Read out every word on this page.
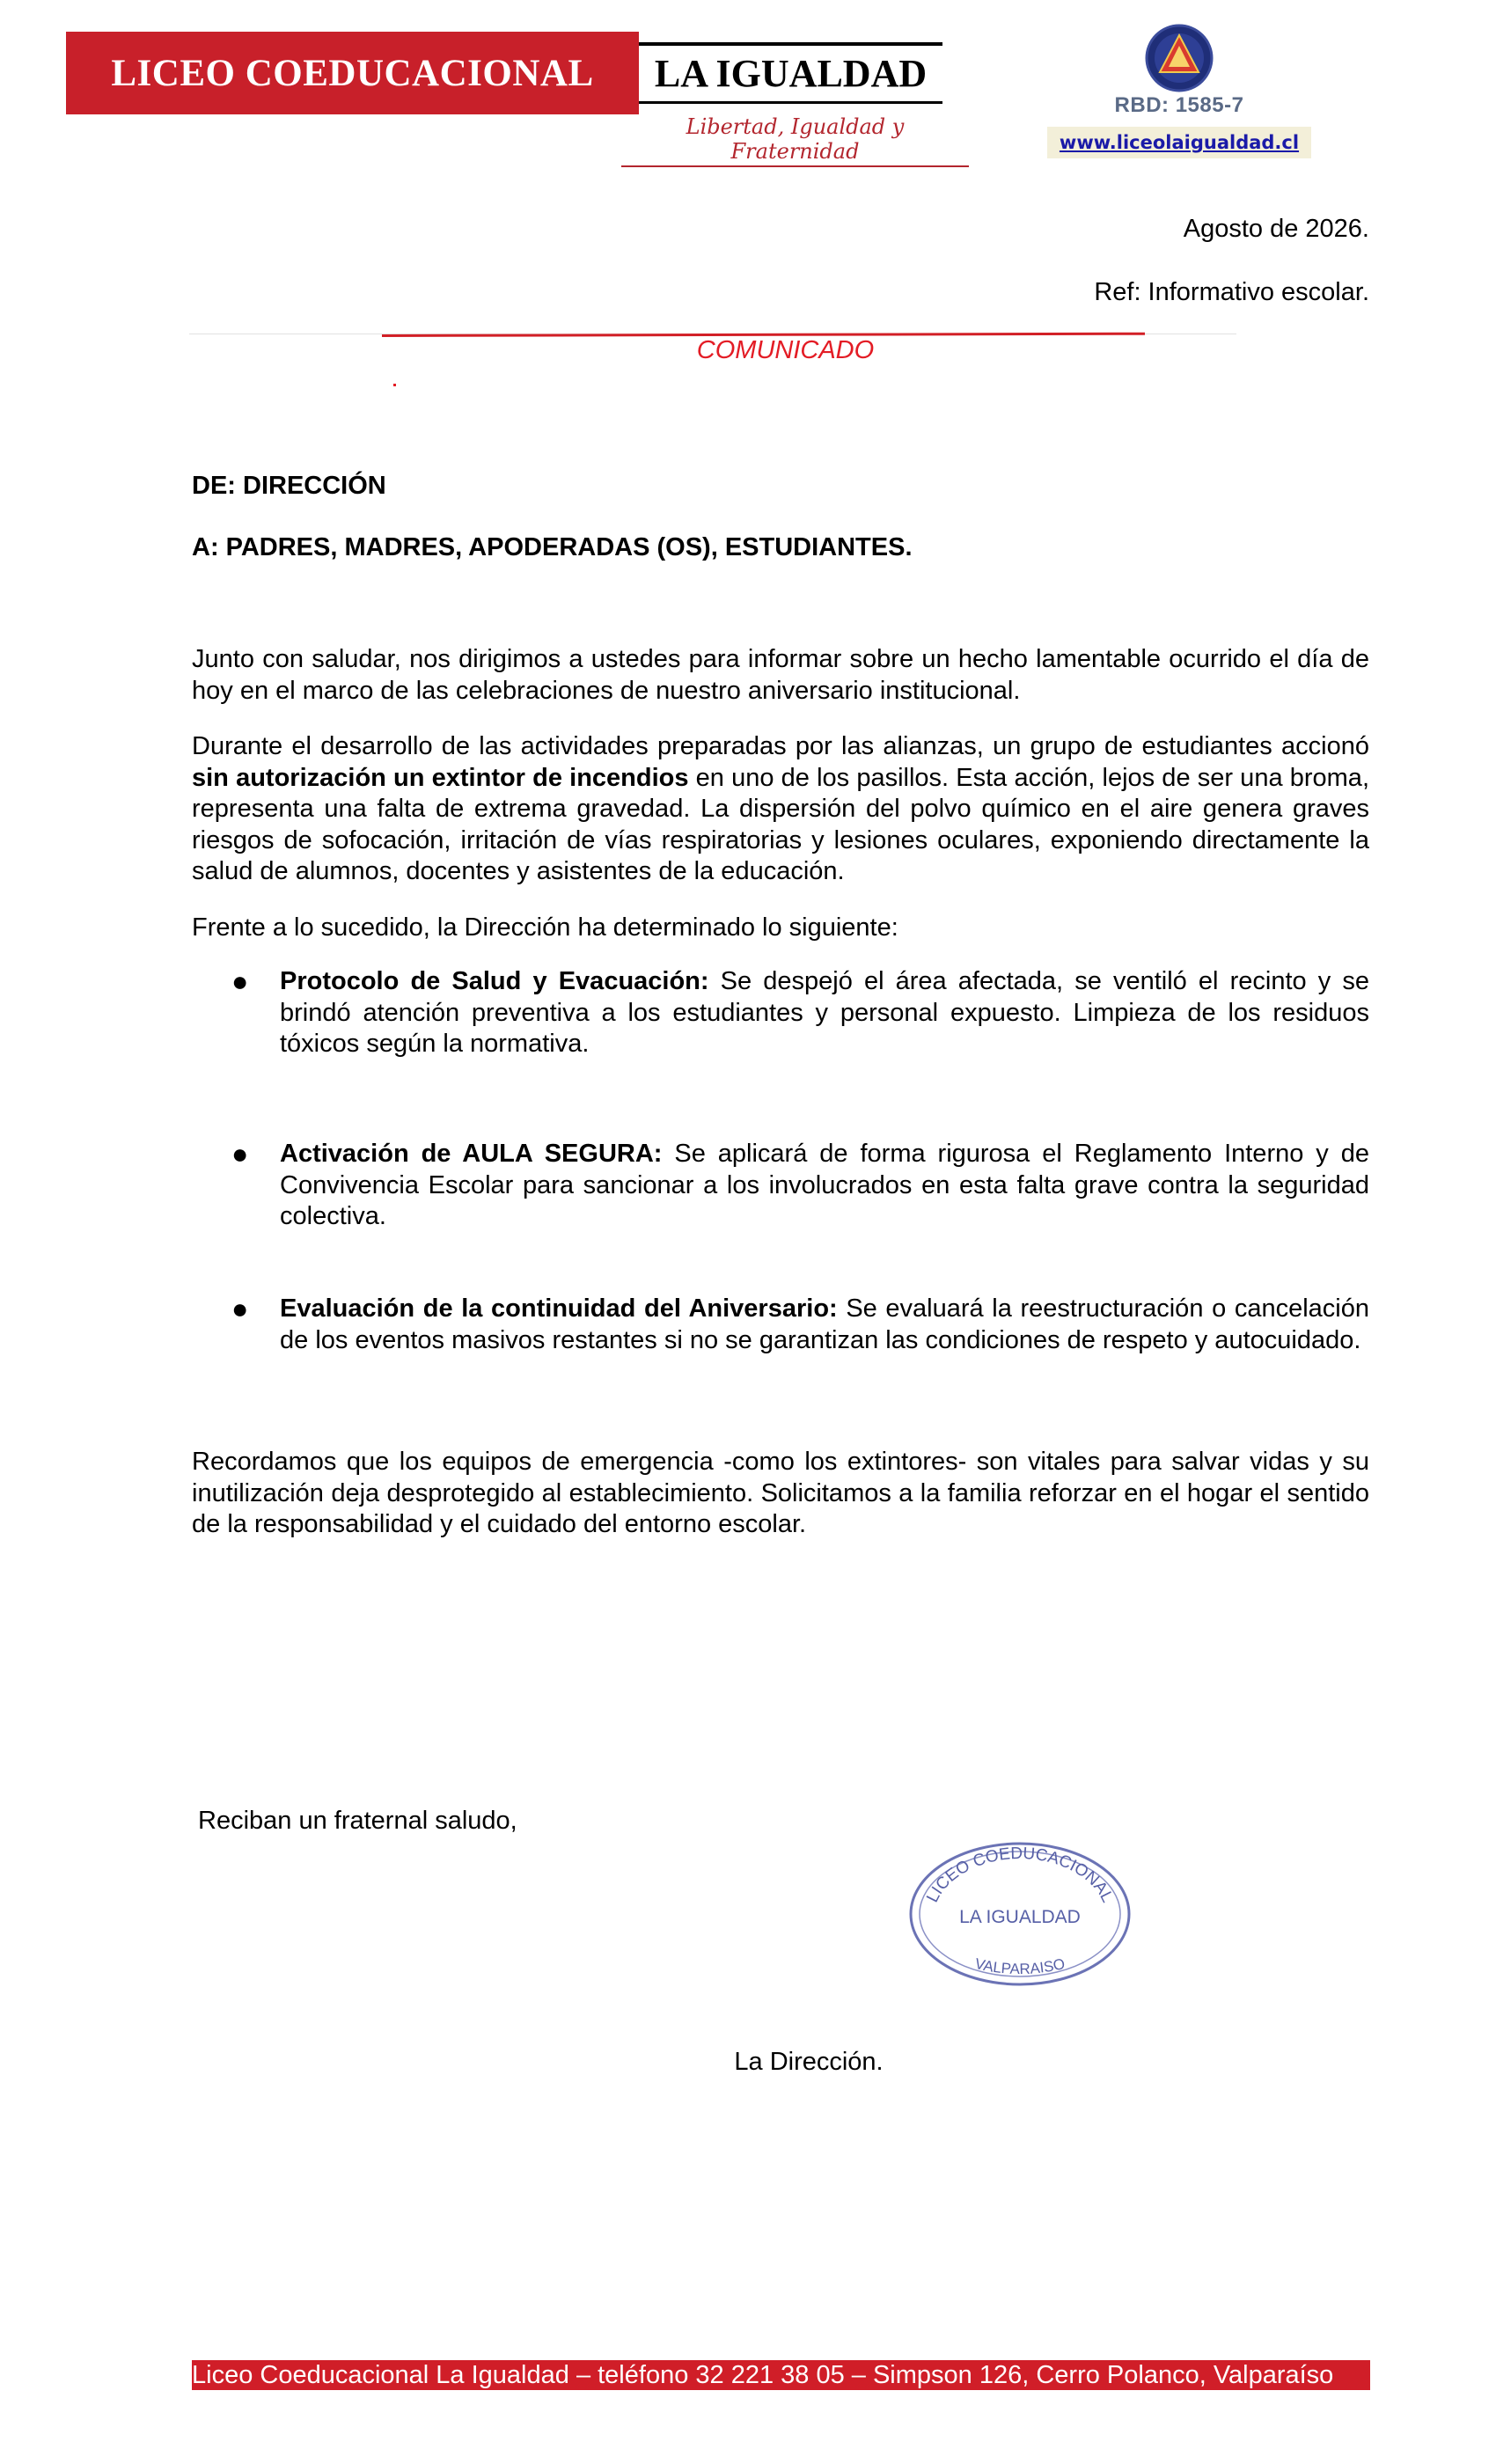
LICEO COEDUCACIONAL	LA IGUALDAD
Libertad, Igualdad y Fraternidad
RBD: 1585-7
www.liceolaigualdad.cl
Agosto de 2026.
Ref: Informativo escolar.
COMUNICADO
DE: DIRECCIÓN
A: PADRES, MADRES, APODERADAS (OS), ESTUDIANTES.
Junto con saludar, nos dirigimos a ustedes para informar sobre un hecho lamentable ocurrido el día de hoy en el marco de las celebraciones de nuestro aniversario institucional.
Durante el desarrollo de las actividades preparadas por las alianzas, un grupo de estudiantes accionó sin autorización un extintor de incendios en uno de los pasillos. Esta acción, lejos de ser una broma, representa una falta de extrema gravedad. La dispersión del polvo químico en el aire genera graves riesgos de sofocación, irritación de vías respiratorias y lesiones oculares, exponiendo directamente la salud de alumnos, docentes y asistentes de la educación.
Frente a lo sucedido, la Dirección ha determinado lo siguiente:
● Protocolo de Salud y Evacuación: Se despejó el área afectada, se ventiló el recinto y se brindó atención preventiva a los estudiantes y personal expuesto. Limpieza de los residuos tóxicos según la normativa.
● Activación de AULA SEGURA: Se aplicará de forma rigurosa el Reglamento Interno y de Convivencia Escolar para sancionar a los involucrados en esta falta grave contra la seguridad colectiva.
● Evaluación de la continuidad del Aniversario: Se evaluará la reestructuración o cancelación de los eventos masivos restantes si no se garantizan las condiciones de respeto y autocuidado.
Recordamos que los equipos de emergencia -como los extintores- son vitales para salvar vidas y su inutilización deja desprotegido al establecimiento. Solicitamos a la familia reforzar en el hogar el sentido de la responsabilidad y el cuidado del entorno escolar.
Reciban un fraternal saludo,
LICEO COEDUCACIONAL
LA IGUALDAD
VALPARAISO
La Dirección.
Liceo Coeducacional La Igualdad – teléfono 32 221 38 05 – Simpson 126, Cerro Polanco, Valparaíso
